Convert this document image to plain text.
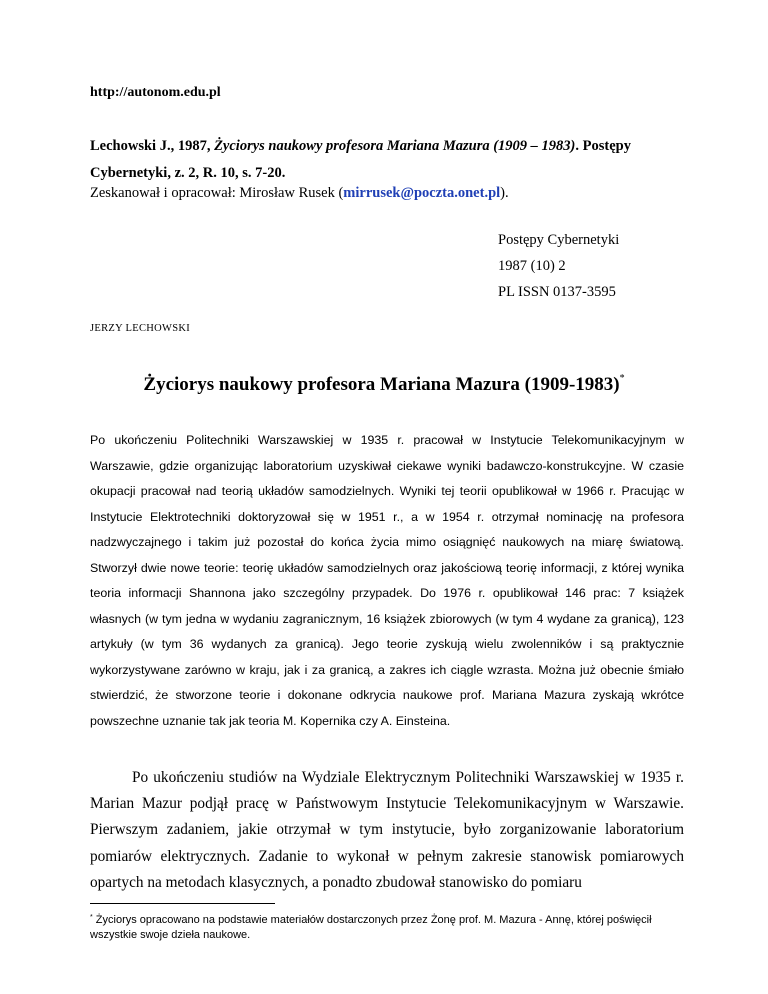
http://autonom.edu.pl
Lechowski J., 1987, Życiorys naukowy profesora Mariana Mazura (1909 – 1983). Postępy Cybernetyki, z. 2, R. 10, s. 7-20.
Zeskanował i opracował: Mirosław Rusek (mirrusek@poczta.onet.pl).
Postępy Cybernetyki
1987 (10) 2
PL ISSN 0137-3595
JERZY LECHOWSKI
Życiorys naukowy profesora Mariana Mazura (1909-1983)*

Po ukończeniu Politechniki Warszawskiej w 1935 r. pracował w Instytucie Telekomunikacyjnym w Warszawie, gdzie organizując laboratorium uzyskiwał ciekawe wyniki badawczo-konstrukcyjne. W czasie okupacji pracował nad teorią układów samodzielnych. Wyniki tej teorii opublikował w 1966 r. Pracując w Instytucie Elektrotechniki doktoryzował się w 1951 r., a w 1954 r. otrzymał nominację na profesora nadzwyczajnego i takim już pozostał do końca życia mimo osiągnięć naukowych na miarę światową. Stworzył dwie nowe teorie: teorię układów samodzielnych oraz jakościową teorię informacji, z której wynika teoria informacji Shannona jako szczególny przypadek. Do 1976 r. opublikował 146 prac: 7 książek własnych (w tym jedna w wydaniu zagranicznym, 16 książek zbiorowych (w tym 4 wydane za granicą), 123 artykuły (w tym 36 wydanych za granicą). Jego teorie zyskują wielu zwolenników i są praktycznie wykorzystywane zarówno w kraju, jak i za granicą, a zakres ich ciągle wzrasta. Można już obecnie śmiało stwierdzić, że stworzone teorie i dokonane odkrycia naukowe prof. Mariana Mazura zyskają wkrótce powszechne uznanie tak jak teoria M. Kopernika czy A. Einsteina.

Po ukończeniu studiów na Wydziale Elektrycznym Politechniki Warszawskiej w 1935 r. Marian Mazur podjął pracę w Państwowym Instytucie Telekomunikacyjnym w Warszawie. Pierwszym zadaniem, jakie otrzymał w tym instytucie, było zorganizowanie laboratorium pomiarów elektrycznych. Zadanie to wykonał w pełnym zakresie stanowisk pomiarowych opartych na metodach klasycznych, a ponadto zbudował stanowisko do pomiaru

* Życiorys opracowano na podstawie materiałów dostarczonych przez Żonę prof. M. Mazura - Annę, której poświęcił wszystkie swoje dzieła naukowe.
